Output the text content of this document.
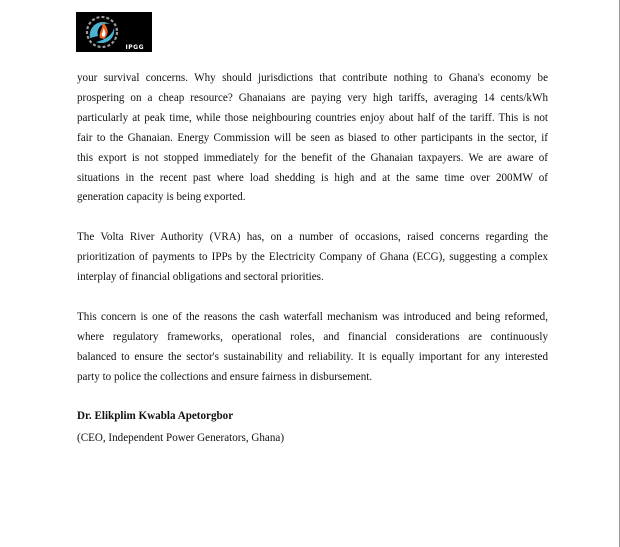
IPGG
your survival concerns. Why should jurisdictions that contribute nothing to Ghana's economy be
prospering on a cheap resource? Ghanaians are paying very high tariffs, averaging 14 cents/kWh
particularly at peak time, while those neighbouring countries enjoy about half of the tariff. This is not
fair to the Ghanaian. Energy Commission will be seen as biased to other participants in the sector, if
this export is not stopped immediately for the benefit of the Ghanaian taxpayers. We are aware of
situations in the recent past where load shedding is high and at the same time over 200MW of
generation capacity is being exported.
The Volta River Authority (VRA) has, on a number of occasions, raised concerns regarding the
prioritization of payments to IPPs by the Electricity Company of Ghana (ECG), suggesting a complex
interplay of financial obligations and sectoral priorities.
This concern is one of the reasons the cash waterfall mechanism was introduced and being reformed,
where regulatory frameworks, operational roles, and financial considerations are continuously
balanced to ensure the sector's sustainability and reliability. It is equally important for any interested
party to police the collections and ensure fairness in disbursement.
Dr. Elikplim Kwabla Apetorgbor
(CEO, Independent Power Generators, Ghana)
